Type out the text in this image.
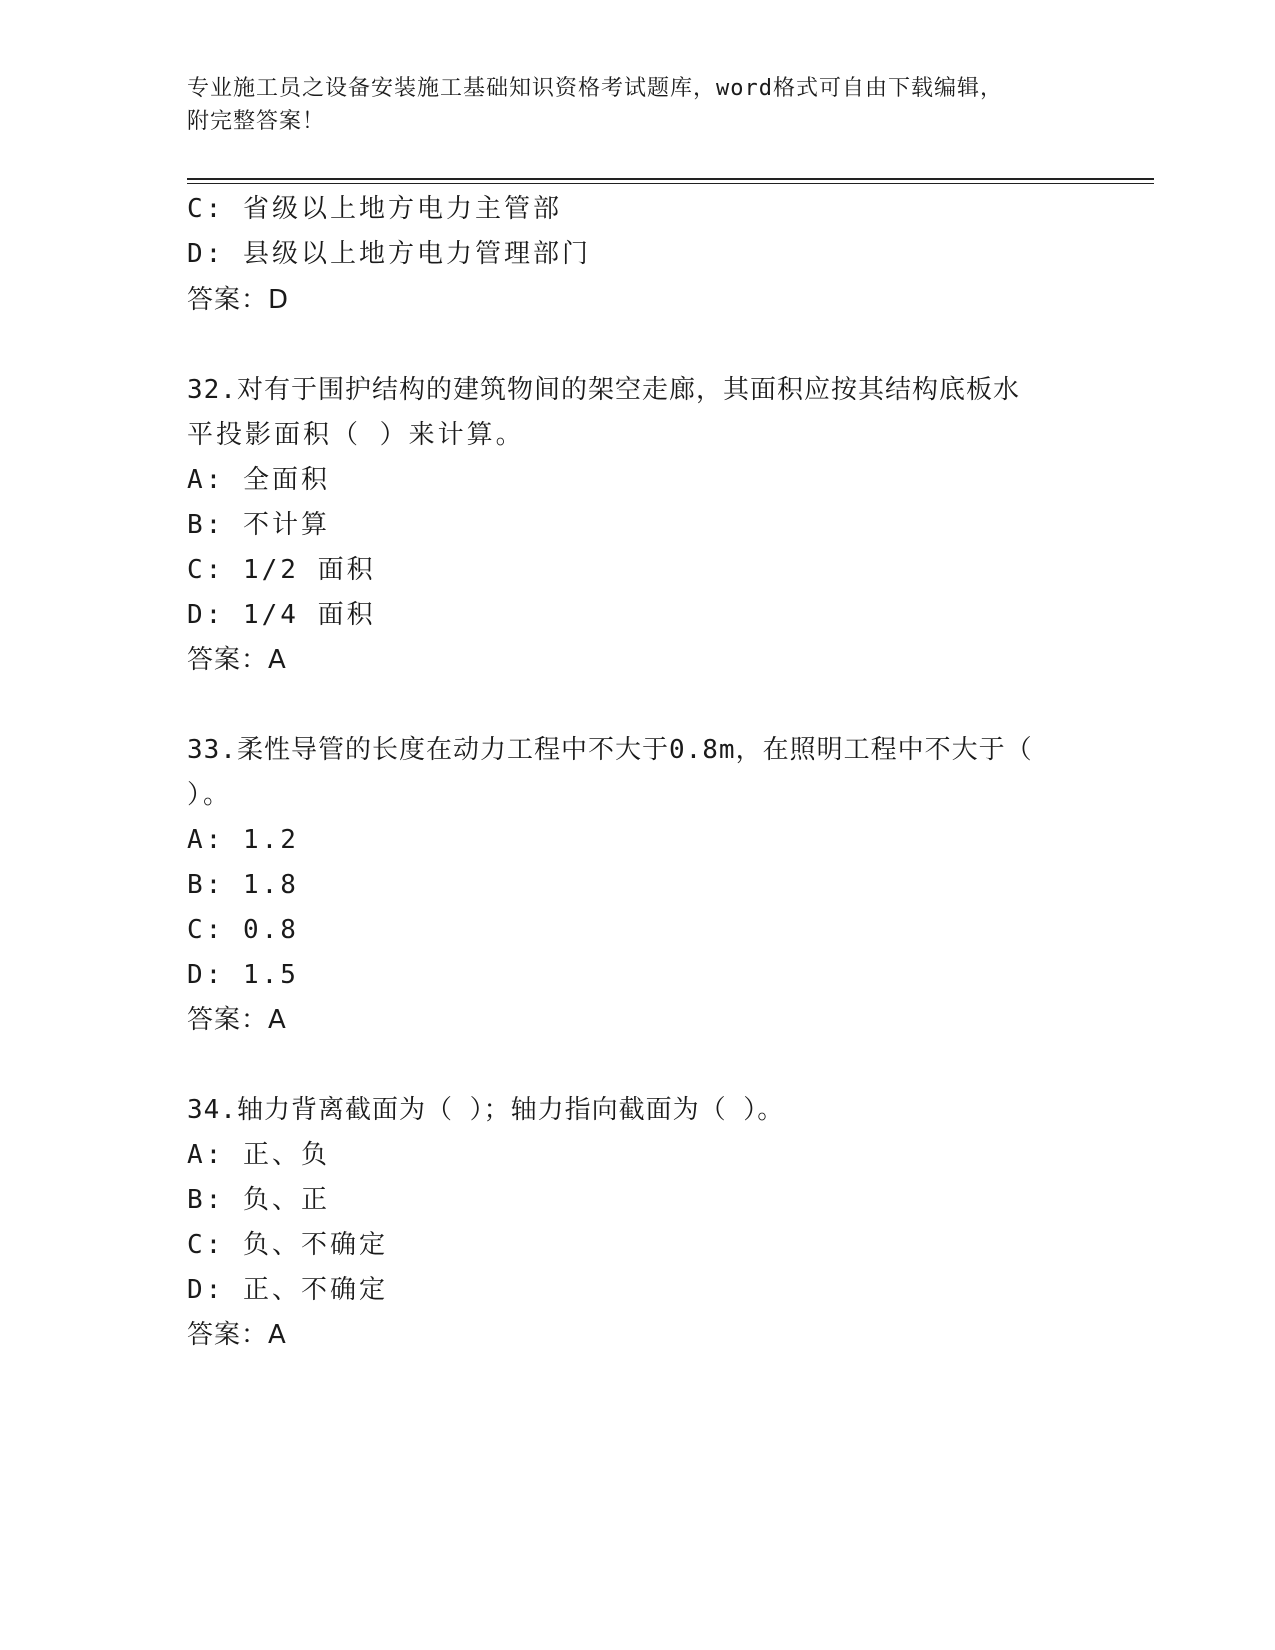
专业施工员之设备安装施工基础知识资格考试题库，word格式可自由下载编辑，
附完整答案！
C: 省级以上地方电力主管部
D: 县级以上地方电力管理部门
答案：D
32.对有于围护结构的建筑物间的架空走廊，其面积应按其结构底板水
平投影面积（ ）来计算。
A: 全面积
B: 不计算
C: 1/2 面积
D: 1/4 面积
答案：A
33.柔性导管的长度在动力工程中不大于0.8m，在照明工程中不大于（
）。
A: 1.2
B: 1.8
C: 0.8
D: 1.5
答案：A
34.轴力背离截面为（ ）；轴力指向截面为（ ）。
A: 正、负
B: 负、正
C: 负、不确定
D: 正、不确定
答案：A
